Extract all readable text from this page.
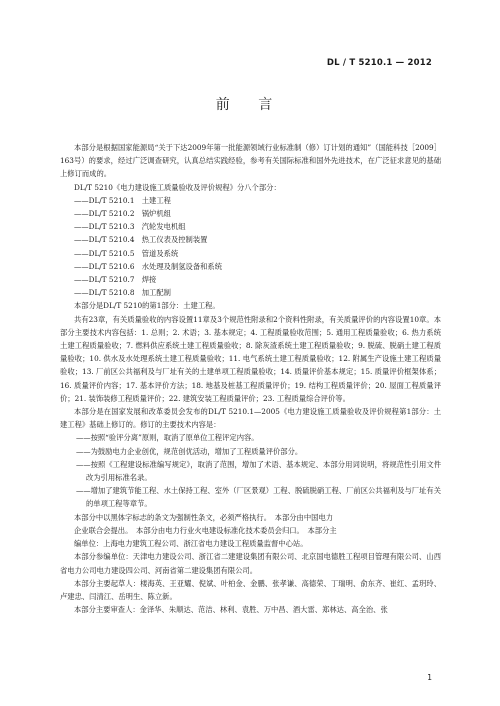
DL / T 5210.1 — 2012
前 言

本部分是根据国家能源局“关于下达2009年第一批能源领域行业标准制（修）订计划的通知”（国能科技［2009］163号）的要求，经过广泛调查研究，认真总结实践经验，参考有关国际标准和国外先进技术，在广泛征求意见的基础上修订而成的。

DL/T 5210《电力建设施工质量验收及评价规程》分八个部分：

——DL/T 5210.1　土建工程

——DL/T 5210.2　锅炉机组

——DL/T 5210.3　汽轮发电机组

——DL/T 5210.4　热工仪表及控制装置

——DL/T 5210.5　管道及系统

——DL/T 5210.6　水处理及制氢设备和系统

——DL/T 5210.7　焊接

——DL/T 5210.8　加工配制

本部分是DL/T 5210的第1部分：土建工程。

共有23章，有关质量验收的内容设置11章及3个规范性附录和2个资料性附录，有关质量评价的内容设置10章。本部分主要技术内容包括：1. 总则；2. 术语；3. 基本规定；4. 工程质量验收范围；5. 通用工程质量验收；6. 热力系统土建工程质量验收；7. 燃料供应系统土建工程质量验收；8. 除灰渣系统土建工程质量验收；9. 脱硫、脱硝土建工程质量验收；10. 供水及水处理系统土建工程质量验收；11. 电气系统土建工程质量验收；12. 附属生产设施土建工程质量验收；13. 厂前区公共福利及与厂址有关的土建单项工程质量验收；14. 质量评价基本规定；15. 质量评价框架体系；16. 质量评价内容；17. 基本评价方法；18. 地基及桩基工程质量评价；19. 结构工程质量评价；20. 屋面工程质量评价；21. 装饰装修工程质量评价；22. 建筑安装工程质量评价；23. 工程质量综合评价等。

本部分是在国家发展和改革委员会发布的DL/T 5210.1—2005《电力建设施工质量验收及评价规程第1部分：土建工程》基础上修订的。修订的主要技术内容是：

——按照“验评分离”原则，取消了原单位工程评定内容。

——为鼓励电力企业创优，规范创优活动，增加了工程质量评价部分。

——按照《工程建设标准编写规定》，取消了范围，增加了术语、基本规定、本部分用词说明，将规范性引用文件改为引用标准名录。

——增加了建筑节能工程、水土保持工程、室外（厂区景观）工程、脱硫脱硝工程、厂前区公共福利及与厂址有关的单项工程等章节。

本部分中以黑体字标志的条文为强制性条文，必须严格执行。　本部分由中国电力

企业联合会提出。　本部分由电力行业火电建设标准化技术委员会归口。　本部分主

编单位：上海电力建筑工程公司、浙江省电力建设工程质量监督中心站。

本部分参编单位：天津电力建设公司、浙江省二建建设集团有限公司、北京国电德胜工程项目管理有限公司、山西省电力公司电力建设四公司、河南省第二建设集团有限公司。

本部分主要起草人：楼海英、王亚耀、倪斌、叶柏金、金鹏、张孝谦、高德荣、丁瑞明、俞东齐、崔红、孟玥玲、卢建忠、闫清江、岳明生、陈立新。

本部分主要审查人：金泽华、朱顺达、范洁、林利、袁胜、万中昌、酒大雷、郑林达、高全治、张

1
